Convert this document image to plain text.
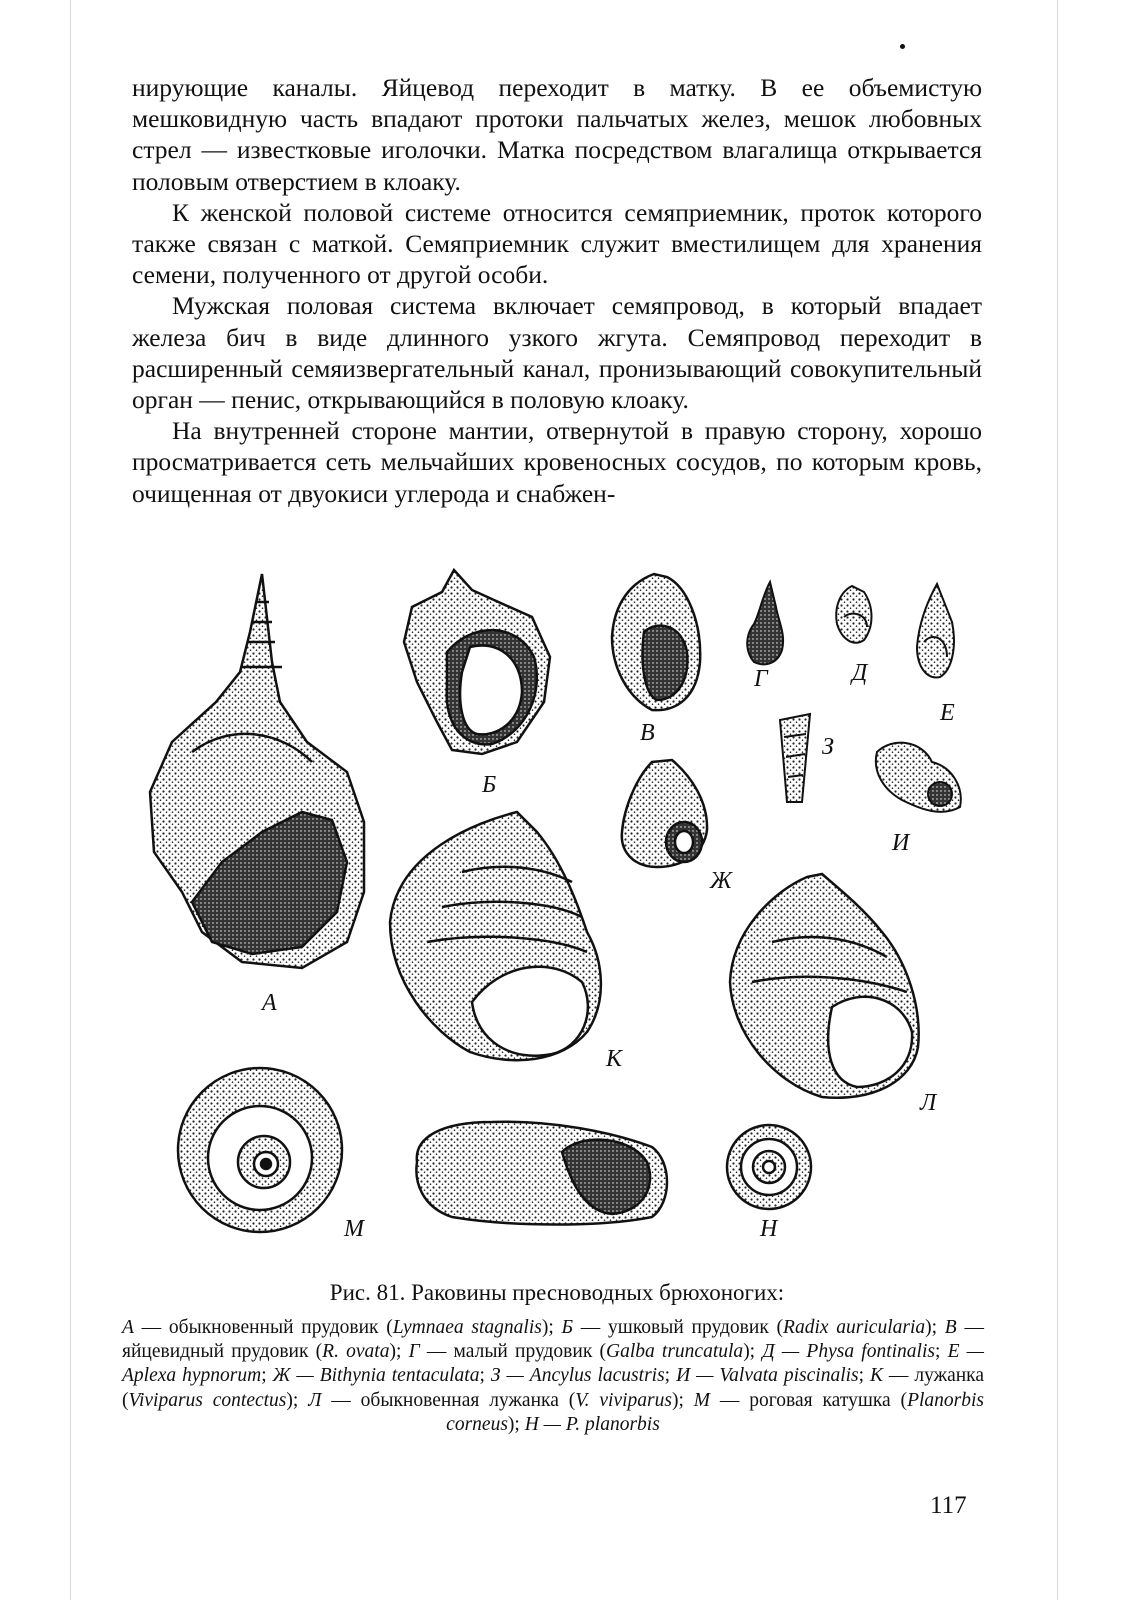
нирующие каналы. Яйцевод переходит в матку. В ее объемистую мешковидную часть впадают протоки пальчатых желез, мешок любовных стрел — известковые иголочки. Матка посредством влагалища открывается половым отверстием в клоаку.

К женской половой системе относится семяприемник, проток которого также связан с маткой. Семяприемник служит вместилищем для хранения семени, полученного от другой особи.

Мужская половая система включает семяпровод, в который впадает железа бич в виде длинного узкого жгута. Семяпровод переходит в расширенный семяизвергательный канал, пронизывающий совокупительный орган — пенис, открывающийся в половую клоаку.

На внутренней стороне мантии, отвернутой в правую сторону, хорошо просматривается сеть мельчайших кровеносных сосудов, по которым кровь, очищенная от двуокиси углерода и снабжен-

А
Б
В
Г	Д
Е
З
И
Ж
К
Л
М	Н
Рис. 81. Раковины пресноводных брюхоногих:
А — обыкновенный прудовик (Lymnaea stagnalis); Б — ушковый прудовик (Radix auricularia); В — яйцевидный прудовик (R. ovata); Г — малый прудовик (Galba truncatula); Д — Physa fontinalis; Е — Aplexa hypnorum; Ж — Bithynia tentaculata; З — Ancylus lacustris; И — Valvata piscinalis; К — лужанка (Viviparus contectus); Л — обыкновенная лужанка (V. viviparus); М — роговая катушка (Planorbis corneus); Н — P. planorbis
117
